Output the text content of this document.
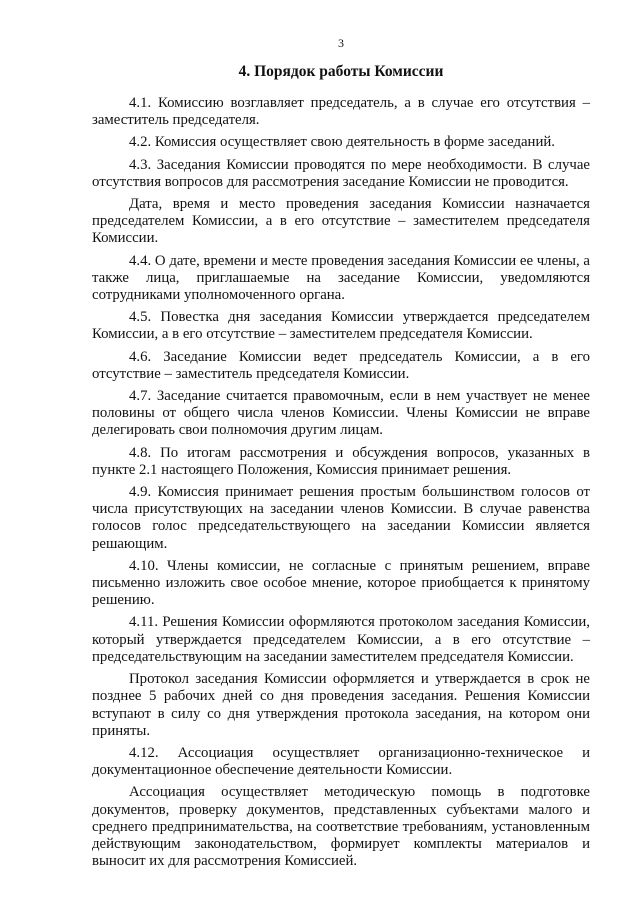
3
4. Порядок работы Комиссии

4.1. Комиссию возглавляет председатель, а в случае его отсутствия – заместитель председателя.

4.2. Комиссия осуществляет свою деятельность в форме заседаний.

4.3. Заседания Комиссии проводятся по мере необходимости. В случае отсутствия вопросов для рассмотрения заседание Комиссии не проводится.

Дата, время и место проведения заседания Комиссии назначается председателем Комиссии, а в его отсутствие – заместителем председателя Комиссии.

4.4. О дате, времени и месте проведения заседания Комиссии ее члены, а также лица, приглашаемые на заседание Комиссии, уведомляются сотрудниками уполномоченного органа.

4.5. Повестка дня заседания Комиссии утверждается председателем Комиссии, а в его отсутствие – заместителем председателя Комиссии.

4.6. Заседание Комиссии ведет председатель Комиссии, а в его отсутствие – заместитель председателя Комиссии.

4.7. Заседание считается правомочным, если в нем участвует не менее половины от общего числа членов Комиссии. Члены Комиссии не вправе делегировать свои полномочия другим лицам.

4.8. По итогам рассмотрения и обсуждения вопросов, указанных в пункте 2.1 настоящего Положения, Комиссия принимает решения.

4.9. Комиссия принимает решения простым большинством голосов от числа присутствующих на заседании членов Комиссии. В случае равенства голосов голос председательствующего на заседании Комиссии является решающим.

4.10. Члены комиссии, не согласные с принятым решением, вправе письменно изложить свое особое мнение, которое приобщается к принятому решению.

4.11. Решения Комиссии оформляются протоколом заседания Комиссии, который утверждается председателем Комиссии, а в его отсутствие – председательствующим на заседании заместителем председателя Комиссии.

Протокол заседания Комиссии оформляется и утверждается в срок не позднее 5 рабочих дней со дня проведения заседания. Решения Комиссии вступают в силу со дня утверждения протокола заседания, на котором они приняты.

4.12. Ассоциация осуществляет организационно-техническое и документационное обеспечение деятельности Комиссии.

Ассоциация осуществляет методическую помощь в подготовке документов, проверку документов, представленных субъектами малого и среднего предпринимательства, на соответствие требованиям, установленным действующим законодательством, формирует комплекты материалов и выносит их для рассмотрения Комиссией.
